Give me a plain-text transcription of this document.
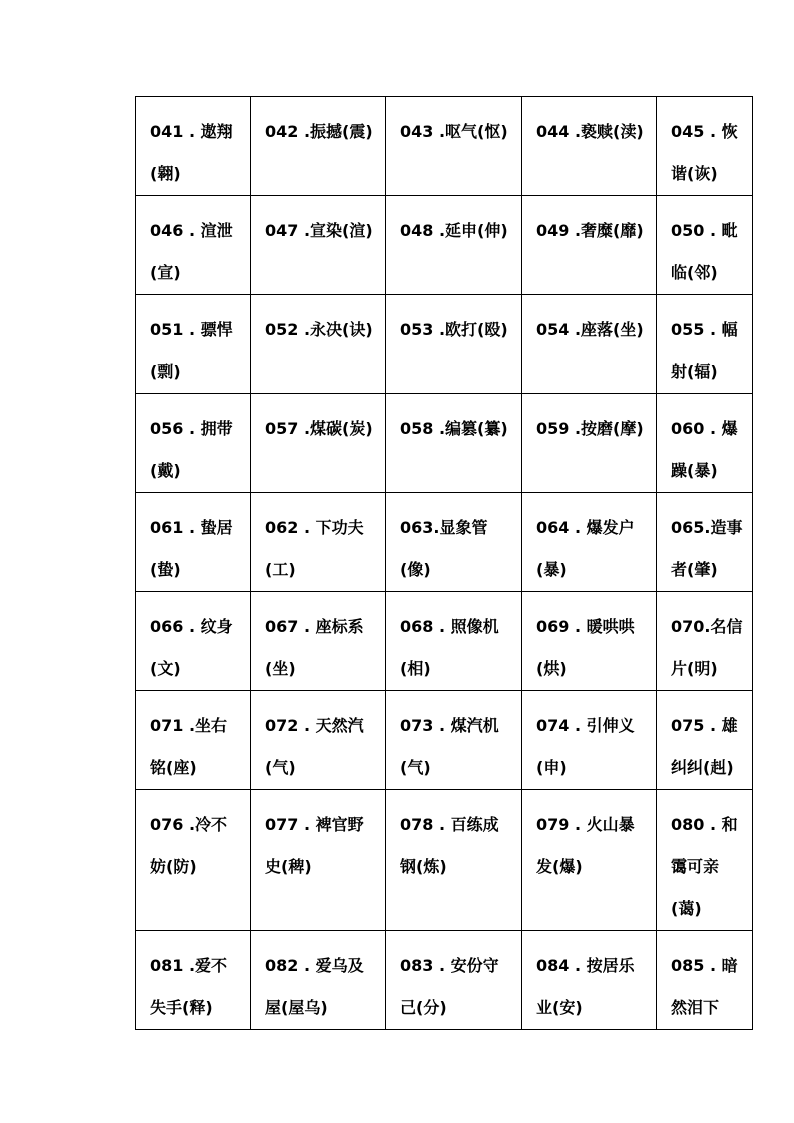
041 . 遨翔(翱)	042 .振撼(震)	043 .呕气(怄)	044 .亵赎(渎)	045 . 恢谐(诙)
046 . 渲泄(宣)	047 .宣染(渲)	048 .延申(伸)	049 .奢糜(靡)	050 . 毗临(邻)
051 . 骠悍(剽)	052 .永决(诀)	053 .欧打(殴)	054 .座落(坐)	055 . 幅射(辐)
056 . 拥带(戴)	057 .煤碳(炭)	058 .编篡(纂)	059 .按磨(摩)	060 . 爆躁(暴)
061 . 蛰居(蛰)	062 . 下功夫(工)	063.显象管(像)	064 . 爆发户(暴)	065.造事者(肇)
066 . 纹身(文)	067 . 座标系(坐)	068 . 照像机(相)	069 . 暖哄哄(烘)	070.名信片(明)
071 .坐右铭(座)	072 . 天然汽(气)	073 . 煤汽机(气)	074 . 引伸义(申)	075 . 雄纠纠(赳)
076 .冷不妨(防)	077 . 裨官野史(稗)	078 . 百练成钢(炼)	079 . 火山暴发(爆)	080 . 和霭可亲(蔼)
081 .爱不失手(释)	082 . 爱乌及屋(屋乌)	083 . 安份守己(分)	084 . 按居乐业(安)	085 . 暗然泪下
